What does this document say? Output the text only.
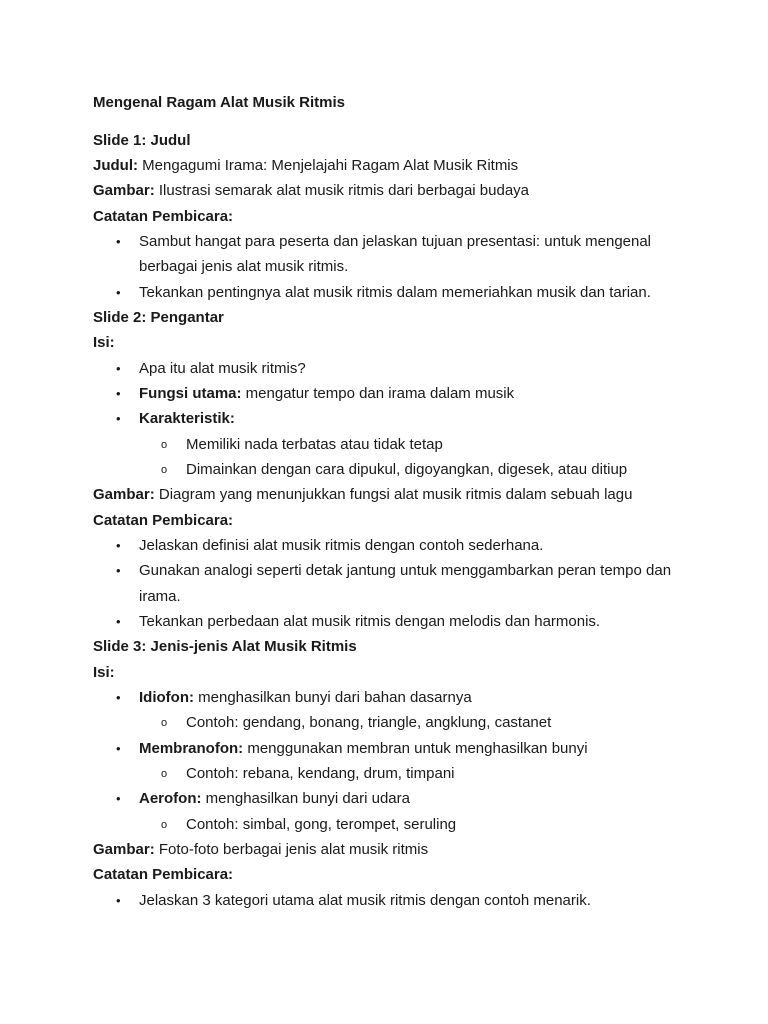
Mengenal Ragam Alat Musik Ritmis
Slide 1: Judul
Judul: Mengagumi Irama: Menjelajahi Ragam Alat Musik Ritmis
Gambar: Ilustrasi semarak alat musik ritmis dari berbagai budaya
Catatan Pembicara:
• Sambut hangat para peserta dan jelaskan tujuan presentasi: untuk mengenal berbagai jenis alat musik ritmis.
• Tekankan pentingnya alat musik ritmis dalam memeriahkan musik dan tarian.
Slide 2: Pengantar
Isi:
• Apa itu alat musik ritmis?
• Fungsi utama: mengatur tempo dan irama dalam musik
• Karakteristik:
o Memiliki nada terbatas atau tidak tetap
o Dimainkan dengan cara dipukul, digoyangkan, digesek, atau ditiup
Gambar: Diagram yang menunjukkan fungsi alat musik ritmis dalam sebuah lagu
Catatan Pembicara:
• Jelaskan definisi alat musik ritmis dengan contoh sederhana.
• Gunakan analogi seperti detak jantung untuk menggambarkan peran tempo dan irama.
• Tekankan perbedaan alat musik ritmis dengan melodis dan harmonis.
Slide 3: Jenis-jenis Alat Musik Ritmis
Isi:
• Idiofon: menghasilkan bunyi dari bahan dasarnya
o Contoh: gendang, bonang, triangle, angklung, castanet
• Membranofon: menggunakan membran untuk menghasilkan bunyi
o Contoh: rebana, kendang, drum, timpani
• Aerofon: menghasilkan bunyi dari udara
o Contoh: simbal, gong, terompet, seruling
Gambar: Foto-foto berbagai jenis alat musik ritmis
Catatan Pembicara:
• Jelaskan 3 kategori utama alat musik ritmis dengan contoh menarik.
